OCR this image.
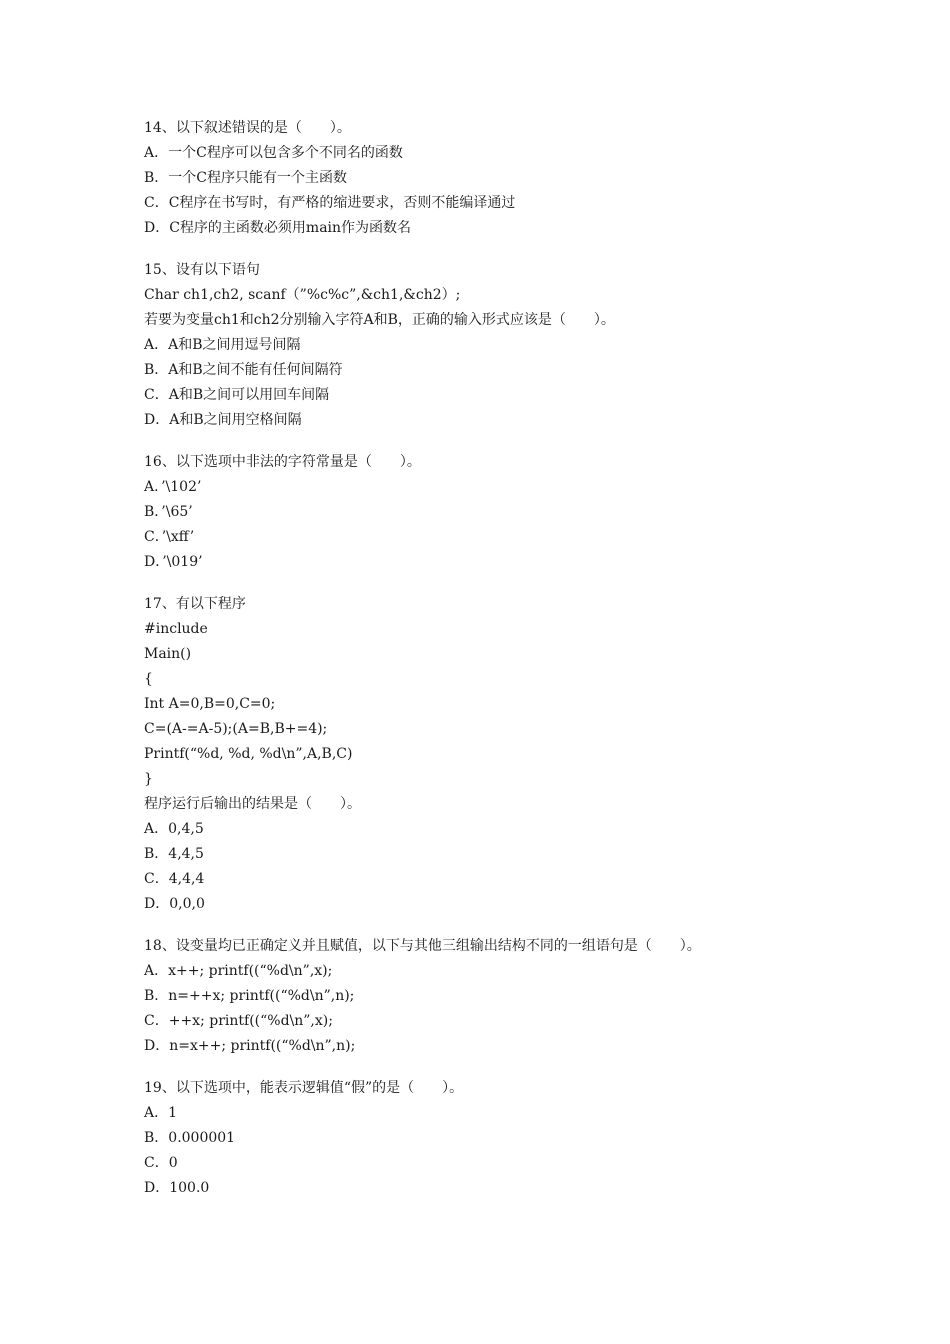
14、以下叙述错误的是（　　）。
A．一个C程序可以包含多个不同名的函数
B．一个C程序只能有一个主函数
C．C程序在书写时，有严格的缩进要求，否则不能编译通过
D．C程序的主函数必须用main作为函数名
15、设有以下语句
Char ch1,ch2, scanf（”%c%c”,&ch1,&ch2）;
若要为变量ch1和ch2分别输入字符A和B，正确的输入形式应该是（　　）。
A．A和B之间用逗号间隔
B．A和B之间不能有任何间隔符
C．A和B之间可以用回车间隔
D．A和B之间用空格间隔
16、以下选项中非法的字符常量是（　　）。
A．’\102’
B．’\65’
C．’\xff’
D．’\019’
17、有以下程序
#include
Main()
{
Int A=0,B=0,C=0;
C=(A-=A-5);(A=B,B+=4);
Printf(“%d, %d, %d\n”,A,B,C)
}
程序运行后输出的结果是（　　）。
A．0,4,5
B．4,4,5
C．4,4,4
D．0,0,0
18、设变量均已正确定义并且赋值，以下与其他三组输出结构不同的一组语句是（　　）。
A．x++; printf((“%d\n”,x);
B．n=++x; printf((“%d\n”,n);
C．++x; printf((“%d\n”,x);
D．n=x++; printf((“%d\n”,n);
19、以下选项中，能表示逻辑值“假”的是（　　）。
A．1
B．0.000001
C．0
D．100.0
